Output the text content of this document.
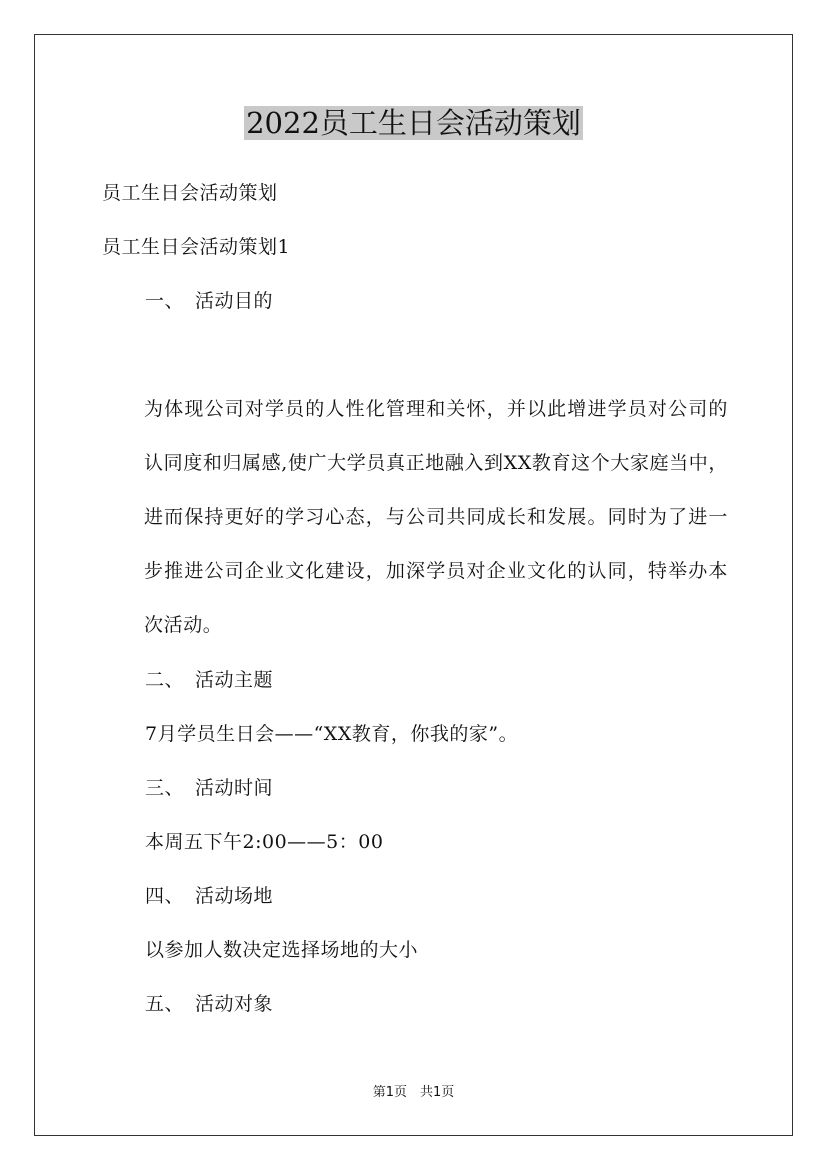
2022员工生日会活动策划
员工生日会活动策划
员工生日会活动策划1
一、 活动目的
为体现公司对学员的人性化管理和关怀，并以此增进学员对公司的认同度和归属感,使广大学员真正地融入到XX教育这个大家庭当中，进而保持更好的学习心态，与公司共同成长和发展。同时为了进一步推进公司企业文化建设，加深学员对企业文化的认同，特举办本次活动。
二、 活动主题
7月学员生日会——“XX教育，你我的家”。
三、 活动时间
本周五下午2:00——5：00
四、 活动场地
以参加人数决定选择场地的大小
五、 活动对象
第1页　共1页
